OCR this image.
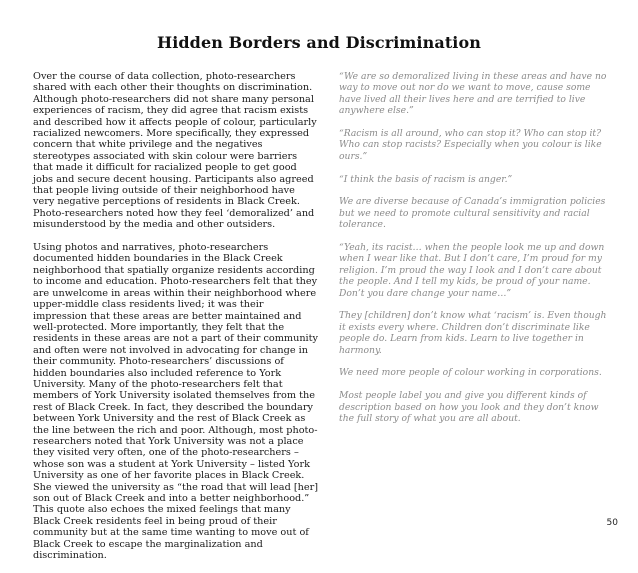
Hidden Borders and Discrimination

Over the course of data collection, photo-researchers shared with each other their thoughts on discrimination. Although photo-researchers did not share many personal experiences of racism, they did agree that racism exists and described how it affects people of colour, particularly racialized newcomers. More specifically, they expressed concern that white privilege and the negatives stereotypes associated with skin colour were barriers that made it difficult for racialized people to get good jobs and secure decent housing. Participants also agreed that people living outside of their neighborhood have very negative perceptions of residents in Black Creek. Photo-researchers noted how they feel ‘demoralized’ and misunderstood by the media and other outsiders.

Using photos and narratives, photo-researchers documented hidden boundaries in the Black Creek neighborhood that spatially organize residents according to income and education. Photo-researchers felt that they are unwelcome in areas within their neighborhood where upper-middle class residents lived; it was their impression that these areas are better maintained and well-protected. More importantly, they felt that the residents in these areas are not a part of their community and often were not involved in advocating for change in their community. Photo-researchers’ discussions of hidden boundaries also included reference to York University. Many of the photo-researchers felt that members of York University isolated themselves from the rest of Black Creek. In fact, they described the boundary between York University and the rest of Black Creek as the line between the rich and poor. Although, most photo-researchers noted that York University was not a place they visited very often, one of the photo-researchers – whose son was a student at York University – listed York University as one of her favorite places in Black Creek. She viewed the university as “the road that will lead [her] son out of Black Creek and into a better neighborhood.” This quote also echoes the mixed feelings that many Black Creek residents feel in being proud of their community but at the same time wanting to move out of Black Creek to escape the marginalization and discrimination.

“We are so demoralized living in these areas and have no way to move out nor do we want to move, cause some have lived all their lives here and are terrified to live anywhere else.”

“Racism is all around, who can stop it? Who can stop it? Who can stop racists? Especially when you colour is like ours.”

“I think the basis of racism is anger.”

We are diverse because of Canada’s immigration policies but we need to promote cultural sensitivity and racial tolerance.

“Yeah, its racist… when the people look me up and down when I wear like that. But I don’t care, I’m proud for my religion. I’m proud the way I look and I don’t care about the people. And I tell my kids, be proud of your name. Don’t you dare change your name…”

They [children] don’t know what ‘racism’ is. Even though it exists every where. Children don’t discriminate like people do. Learn from kids. Learn to live together in harmony.

We need more people of colour working in corporations.

Most people label you and give you different kinds of description based on how you look and they don’t know the full story of what you are all about.

50
